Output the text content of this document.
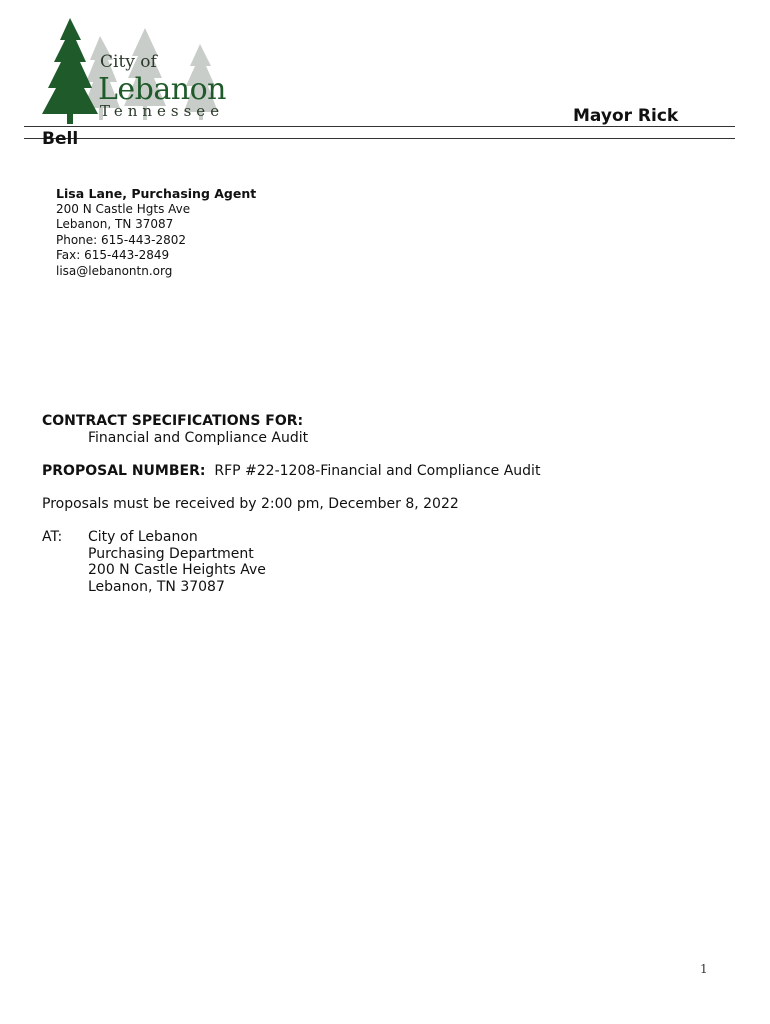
City of
Lebanon
Tennessee	Mayor Rick
Bell
Lisa Lane, Purchasing Agent
200 N Castle Hgts Ave
Lebanon, TN 37087
Phone: 615-443-2802
Fax: 615-443-2849
lisa@lebanontn.org
CONTRACT SPECIFICATIONS FOR:
Financial and Compliance Audit
PROPOSAL NUMBER: RFP #22-1208-Financial and Compliance Audit
Proposals must be received by 2:00 pm, December 8, 2022
AT: City of Lebanon
Purchasing Department
200 N Castle Heights Ave
Lebanon, TN 37087
1
